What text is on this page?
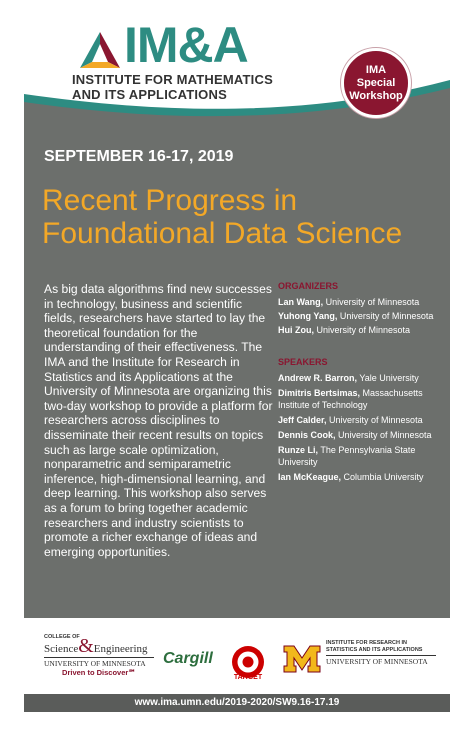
IM&A
INSTITUTE FOR MATHEMATICS
AND ITS APPLICATIONS
IMA
Special
Workshop
SEPTEMBER 16-17, 2019
Recent Progress in
Foundational Data Science
As big data algorithms find new successes in technology, business and scientific fields, researchers have started to lay the theoretical foundation for the understanding of their effectiveness. The IMA and the Institute for Research in Statistics and its Applications at the University of Minnesota are organizing this two-day workshop to provide a platform for researchers across disciplines to disseminate their recent results on topics such as large scale optimization, nonparametric and semiparametric inference, high-dimensional learning, and deep learning. This workshop also serves as a forum to bring together academic researchers and industry scientists to promote a richer exchange of ideas and emerging opportunities.
ORGANIZERS
Lan Wang, University of Minnesota
Yuhong Yang, University of Minnesota
Hui Zou, University of Minnesota
SPEAKERS
Andrew R. Barron, Yale University
Dimitris Bertsimas, Massachusetts Institute of Technology
Jeff Calder, University of Minnesota
Dennis Cook, University of Minnesota
Runze Li, The Pennsylvania State University
Ian McKeague, Columbia University
COLLEGE OF
Science&Engineering
UNIVERSITY OF MINNESOTA
Driven to Discover℠
Cargill
TARGET
INSTITUTE FOR RESEARCH IN STATISTICS AND ITS APPLICATIONS
UNIVERSITY OF MINNESOTA
www.ima.umn.edu/2019-2020/SW9.16-17.19
